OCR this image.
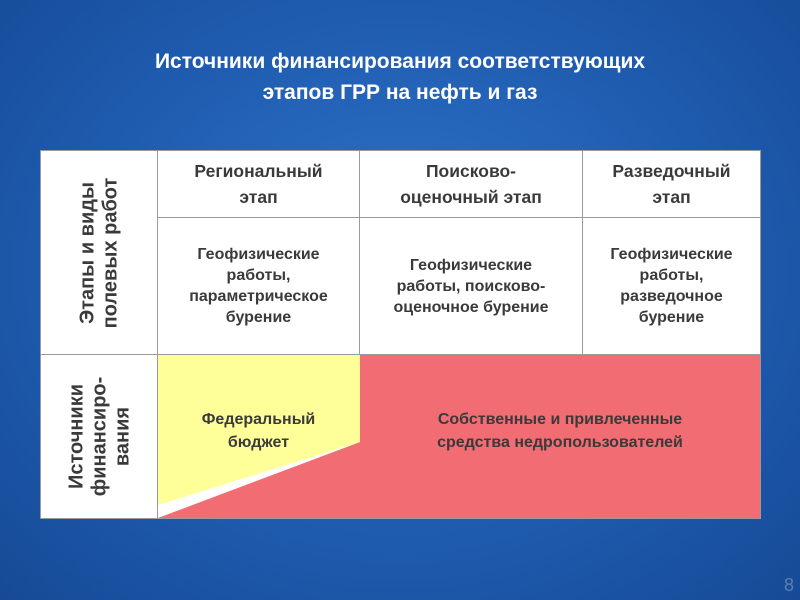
Источники финансирования соответствующих
этапов ГРР на нефть и газ
Этапы и виды полевых работ
Источники финансиро- вания
Региональный
этап
Поисково-
оценочный этап
Разведочный
этап
Геофизические
работы,
параметрическое
бурение
Геофизические
работы, поисково-
оценочное бурение
Геофизические
работы,
разведочное
бурение
Федеральный
бюджет
Собственные и привлеченные
средства недропользователей
8
